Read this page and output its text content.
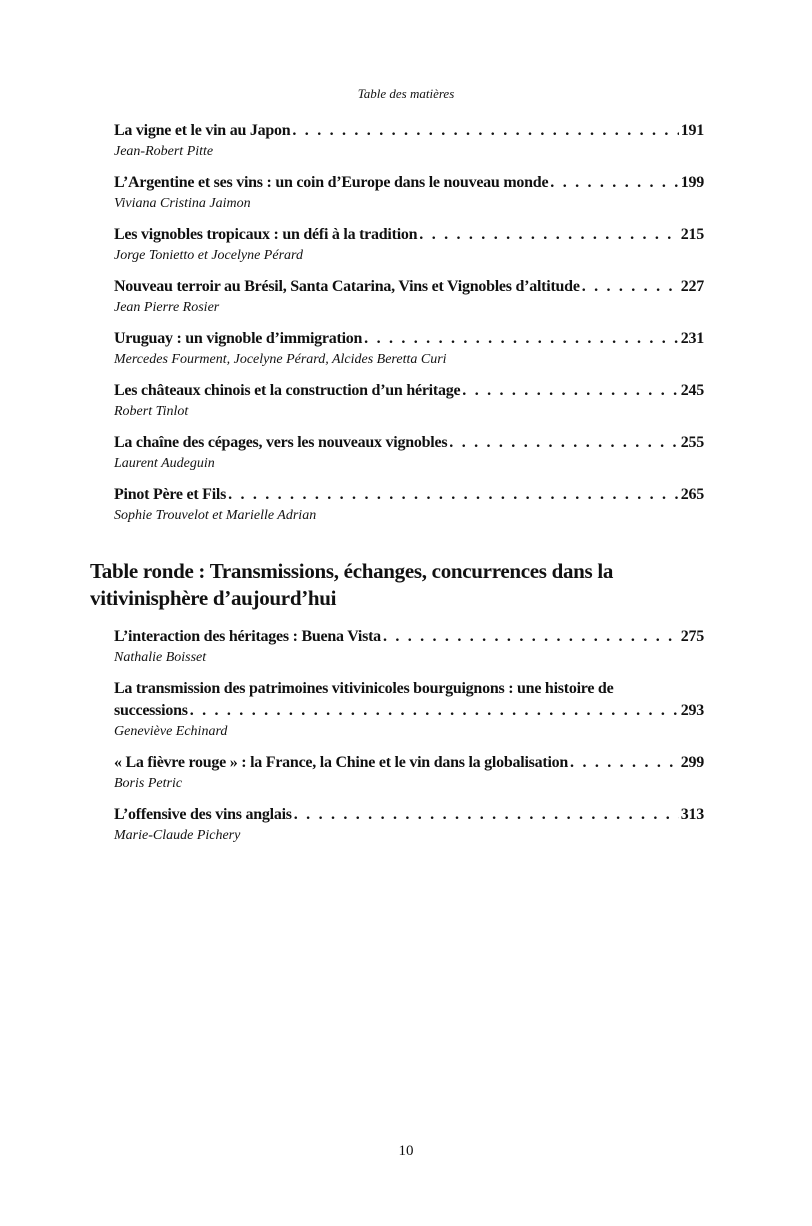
Table des matières
La vigne et le vin au Japon . . .	191
Jean-Robert Pitte
L’Argentine et ses vins : un coin d’Europe dans le nouveau monde . . .	199
Viviana Cristina Jaimon
Les vignobles tropicaux : un défi à la tradition . . .	215
Jorge Tonietto et Jocelyne Pérard
Nouveau terroir au Brésil, Santa Catarina, Vins et Vignobles d’altitude . . .	227
Jean Pierre Rosier
Uruguay : un vignoble d’immigration . . .	231
Mercedes Fourment, Jocelyne Pérard, Alcides Beretta Curi
Les châteaux chinois et la construction d’un héritage . . .	245
Robert Tinlot
La chaîne des cépages, vers les nouveaux vignobles . . .	255
Laurent Audeguin
Pinot Père et Fils . . .	265
Sophie Trouvelot et Marielle Adrian
Table ronde : Transmissions, échanges, concurrences dans la vitivinisphère d’aujourd’hui
L’interaction des héritages : Buena Vista . . .	275
Nathalie Boisset
La transmission des patrimoines vitivinicoles bourguignons : une histoire de
successions . . .	293
Geneviève Echinard
« La fièvre rouge » : la France, la Chine et le vin dans la globalisation . . .	299
Boris Petric
L’offensive des vins anglais . . .	313
Marie-Claude Pichery
10
